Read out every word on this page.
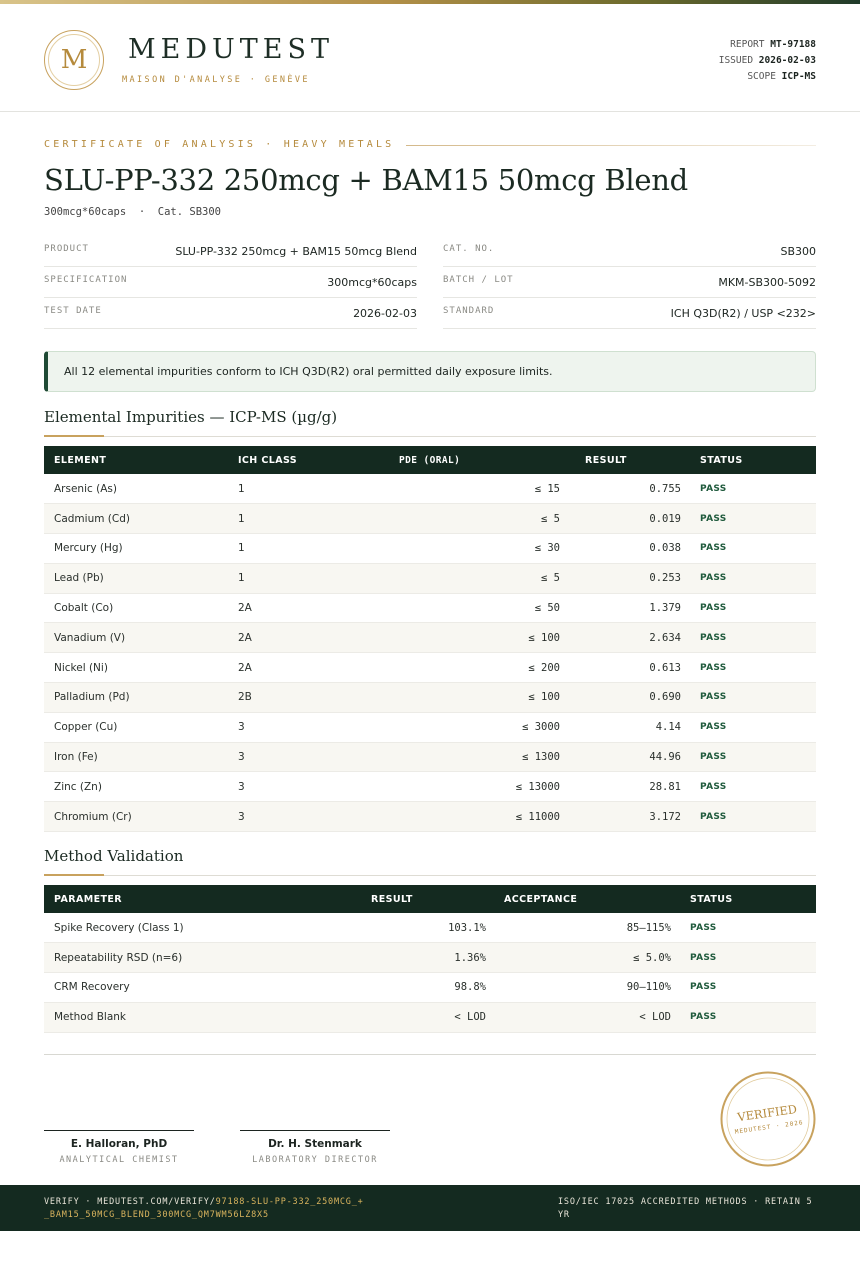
M	MEDUTEST
MAISON D'ANALYSE · GENÈVE
REPORT MT-97188
ISSUED 2026-02-03
SCOPE ICP-MS
CERTIFICATE OF ANALYSIS · HEAVY METALS
SLU-PP-332 250mcg + BAM15 50mcg Blend
300mcg*60caps  ·  Cat. SB300
PRODUCT	SLU-PP-332 250mcg + BAM15 50mcg Blend
SPECIFICATION	300mcg*60caps
TEST DATE	2026-02-03
CAT. NO.	SB300
BATCH / LOT	MKM-SB300-5092
STANDARD	ICH Q3D(R2) / USP <232>
All 12 elemental impurities conform to ICH Q3D(R2) oral permitted daily exposure limits.
Elemental Impurities — ICP-MS (µg/g)
ELEMENT	ICH CLASS	PDE (ORAL)	RESULT	STATUS
Arsenic (As)	1	≤ 15	0.755	PASS
Cadmium (Cd)	1	≤ 5	0.019	PASS
Mercury (Hg)	1	≤ 30	0.038	PASS
Lead (Pb)	1	≤ 5	0.253	PASS
Cobalt (Co)	2A	≤ 50	1.379	PASS
Vanadium (V)	2A	≤ 100	2.634	PASS
Nickel (Ni)	2A	≤ 200	0.613	PASS
Palladium (Pd)	2B	≤ 100	0.690	PASS
Copper (Cu)	3	≤ 3000	4.14	PASS
Iron (Fe)	3	≤ 1300	44.96	PASS
Zinc (Zn)	3	≤ 13000	28.81	PASS
Chromium (Cr)	3	≤ 11000	3.172	PASS
Method Validation
PARAMETER	RESULT	ACCEPTANCE	STATUS
Spike Recovery (Class 1)	103.1%	85–115%	PASS
Repeatability RSD (n=6)	1.36%	≤ 5.0%	PASS
CRM Recovery	98.8%	90–110%	PASS
Method Blank	< LOD	< LOD	PASS
E. Halloran, PhD
ANALYTICAL CHEMIST
Dr. H. Stenmark
LABORATORY DIRECTOR
VERIFIED
MEDUTEST · 2026
VERIFY · MEDUTEST.COM/VERIFY/97188-SLU-PP-332_250MCG_+_BAM15_50MCG_BLEND_300MCG_QM7WM56LZ8X5
ISO/IEC 17025 ACCREDITED METHODS · RETAIN 5 YR
